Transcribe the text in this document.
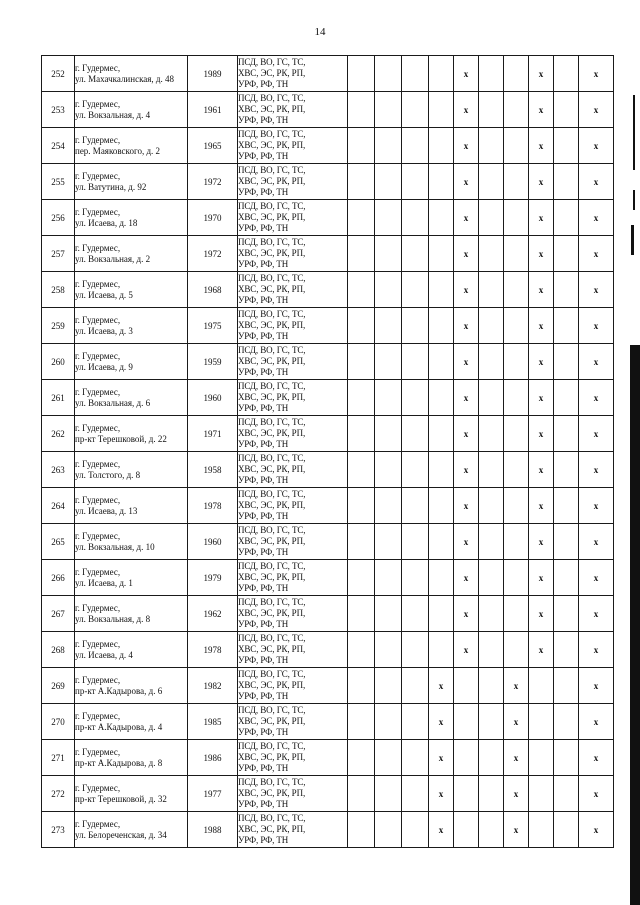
14
252	г. Гудермес,
ул. Махачкалинская, д. 48	1989	ПСД, ВО, ГС, ТС,
ХВС, ЭС, РК, РП,
УРФ, РФ, ТН					x			x		x
253	г. Гудермес,
ул. Вокзальная, д. 4	1961	ПСД, ВО, ГС, ТС,
ХВС, ЭС, РК, РП,
УРФ, РФ, ТН					x			x		x
254	г. Гудермес,
пер. Маяковского, д. 2	1965	ПСД, ВО, ГС, ТС,
ХВС, ЭС, РК, РП,
УРФ, РФ, ТН					x			x		x
255	г. Гудермес,
ул. Ватутина, д. 92	1972	ПСД, ВО, ГС, ТС,
ХВС, ЭС, РК, РП,
УРФ, РФ, ТН					x			x		x
256	г. Гудермес,
ул. Исаева, д. 18	1970	ПСД, ВО, ГС, ТС,
ХВС, ЭС, РК, РП,
УРФ, РФ, ТН					x			x		x
257	г. Гудермес,
ул. Вокзальная, д. 2	1972	ПСД, ВО, ГС, ТС,
ХВС, ЭС, РК, РП,
УРФ, РФ, ТН					x			x		x
258	г. Гудермес,
ул. Исаева, д. 5	1968	ПСД, ВО, ГС, ТС,
ХВС, ЭС, РК, РП,
УРФ, РФ, ТН					x			x		x
259	г. Гудермес,
ул. Исаева, д. 3	1975	ПСД, ВО, ГС, ТС,
ХВС, ЭС, РК, РП,
УРФ, РФ, ТН					x			x		x
260	г. Гудермес,
ул. Исаева, д. 9	1959	ПСД, ВО, ГС, ТС,
ХВС, ЭС, РК, РП,
УРФ, РФ, ТН					x			x		x
261	г. Гудермес,
ул. Вокзальная, д. 6	1960	ПСД, ВО, ГС, ТС,
ХВС, ЭС, РК, РП,
УРФ, РФ, ТН					x			x		x
262	г. Гудермес,
пр-кт Терешковой, д. 22	1971	ПСД, ВО, ГС, ТС,
ХВС, ЭС, РК, РП,
УРФ, РФ, ТН					x			x		x
263	г. Гудермес,
ул. Толстого, д. 8	1958	ПСД, ВО, ГС, ТС,
ХВС, ЭС, РК, РП,
УРФ, РФ, ТН					x			x		x
264	г. Гудермес,
ул. Исаева, д. 13	1978	ПСД, ВО, ГС, ТС,
ХВС, ЭС, РК, РП,
УРФ, РФ, ТН					x			x		x
265	г. Гудермес,
ул. Вокзальная, д. 10	1960	ПСД, ВО, ГС, ТС,
ХВС, ЭС, РК, РП,
УРФ, РФ, ТН					x			x		x
266	г. Гудермес,
ул. Исаева, д. 1	1979	ПСД, ВО, ГС, ТС,
ХВС, ЭС, РК, РП,
УРФ, РФ, ТН					x			x		x
267	г. Гудермес,
ул. Вокзальная, д. 8	1962	ПСД, ВО, ГС, ТС,
ХВС, ЭС, РК, РП,
УРФ, РФ, ТН					x			x		x
268	г. Гудермес,
ул. Исаева, д. 4	1978	ПСД, ВО, ГС, ТС,
ХВС, ЭС, РК, РП,
УРФ, РФ, ТН					x			x		x
269	г. Гудермес,
пр-кт А.Кадырова, д. 6	1982	ПСД, ВО, ГС, ТС,
ХВС, ЭС, РК, РП,
УРФ, РФ, ТН				x			x			x
270	г. Гудермес,
пр-кт А.Кадырова, д. 4	1985	ПСД, ВО, ГС, ТС,
ХВС, ЭС, РК, РП,
УРФ, РФ, ТН				x			x			x
271	г. Гудермес,
пр-кт А.Кадырова, д. 8	1986	ПСД, ВО, ГС, ТС,
ХВС, ЭС, РК, РП,
УРФ, РФ, ТН				x			x			x
272	г. Гудермес,
пр-кт Терешковой, д. 32	1977	ПСД, ВО, ГС, ТС,
ХВС, ЭС, РК, РП,
УРФ, РФ, ТН				x			x			x
273	г. Гудермес,
ул. Белореченская, д. 34	1988	ПСД, ВО, ГС, ТС,
ХВС, ЭС, РК, РП,
УРФ, РФ, ТН				x			x			x
